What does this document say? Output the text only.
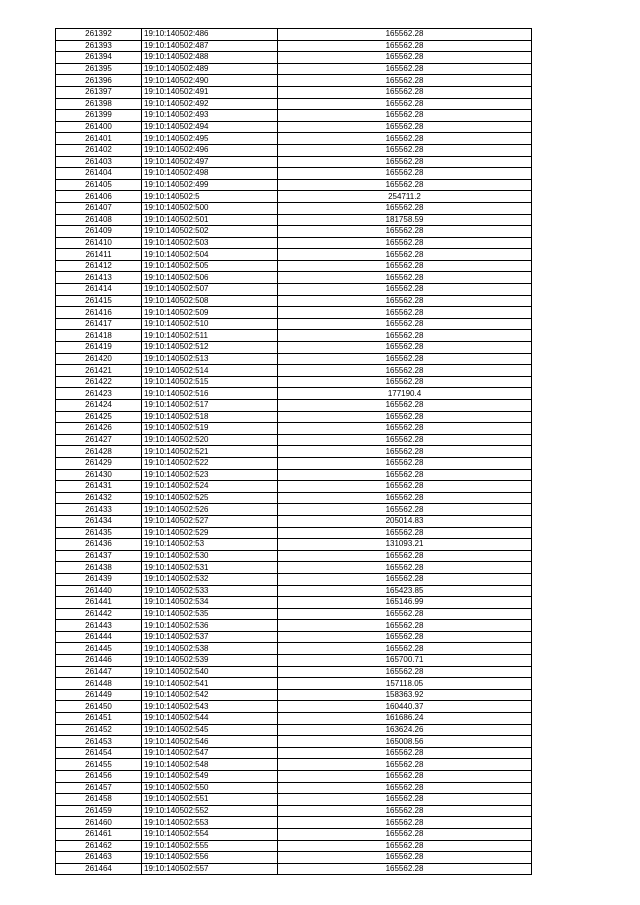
261392	19:10:140502:486	165562.28
261393	19:10:140502:487	165562.28
261394	19:10:140502:488	165562.28
261395	19:10:140502:489	165562.28
261396	19:10:140502:490	165562.28
261397	19:10:140502:491	165562.28
261398	19:10:140502:492	165562.28
261399	19:10:140502:493	165562.28
261400	19:10:140502:494	165562.28
261401	19:10:140502:495	165562.28
261402	19:10:140502:496	165562.28
261403	19:10:140502:497	165562.28
261404	19:10:140502:498	165562.28
261405	19:10:140502:499	165562.28
261406	19:10:140502:5	254711.2
261407	19:10:140502:500	165562.28
261408	19:10:140502:501	181758.59
261409	19:10:140502:502	165562.28
261410	19:10:140502:503	165562.28
261411	19:10:140502:504	165562.28
261412	19:10:140502:505	165562.28
261413	19:10:140502:506	165562.28
261414	19:10:140502:507	165562.28
261415	19:10:140502:508	165562.28
261416	19:10:140502:509	165562.28
261417	19:10:140502:510	165562.28
261418	19:10:140502:511	165562.28
261419	19:10:140502:512	165562.28
261420	19:10:140502:513	165562.28
261421	19:10:140502:514	165562.28
261422	19:10:140502:515	165562.28
261423	19:10:140502:516	177190.4
261424	19:10:140502:517	165562.28
261425	19:10:140502:518	165562.28
261426	19:10:140502:519	165562.28
261427	19:10:140502:520	165562.28
261428	19:10:140502:521	165562.28
261429	19:10:140502:522	165562.28
261430	19:10:140502:523	165562.28
261431	19:10:140502:524	165562.28
261432	19:10:140502:525	165562.28
261433	19:10:140502:526	165562.28
261434	19:10:140502:527	205014.83
261435	19:10:140502:529	165562.28
261436	19:10:140502:53	131093.21
261437	19:10:140502:530	165562.28
261438	19:10:140502:531	165562.28
261439	19:10:140502:532	165562.28
261440	19:10:140502:533	165423.85
261441	19:10:140502:534	165146.99
261442	19:10:140502:535	165562.28
261443	19:10:140502:536	165562.28
261444	19:10:140502:537	165562.28
261445	19:10:140502:538	165562.28
261446	19:10:140502:539	165700.71
261447	19:10:140502:540	165562.28
261448	19:10:140502:541	157118.05
261449	19:10:140502:542	158363.92
261450	19:10:140502:543	160440.37
261451	19:10:140502:544	161686.24
261452	19:10:140502:545	163624.26
261453	19:10:140502:546	165008.56
261454	19:10:140502:547	165562.28
261455	19:10:140502:548	165562.28
261456	19:10:140502:549	165562.28
261457	19:10:140502:550	165562.28
261458	19:10:140502:551	165562.28
261459	19:10:140502:552	165562.28
261460	19:10:140502:553	165562.28
261461	19:10:140502:554	165562.28
261462	19:10:140502:555	165562.28
261463	19:10:140502:556	165562.28
261464	19:10:140502:557	165562.28
